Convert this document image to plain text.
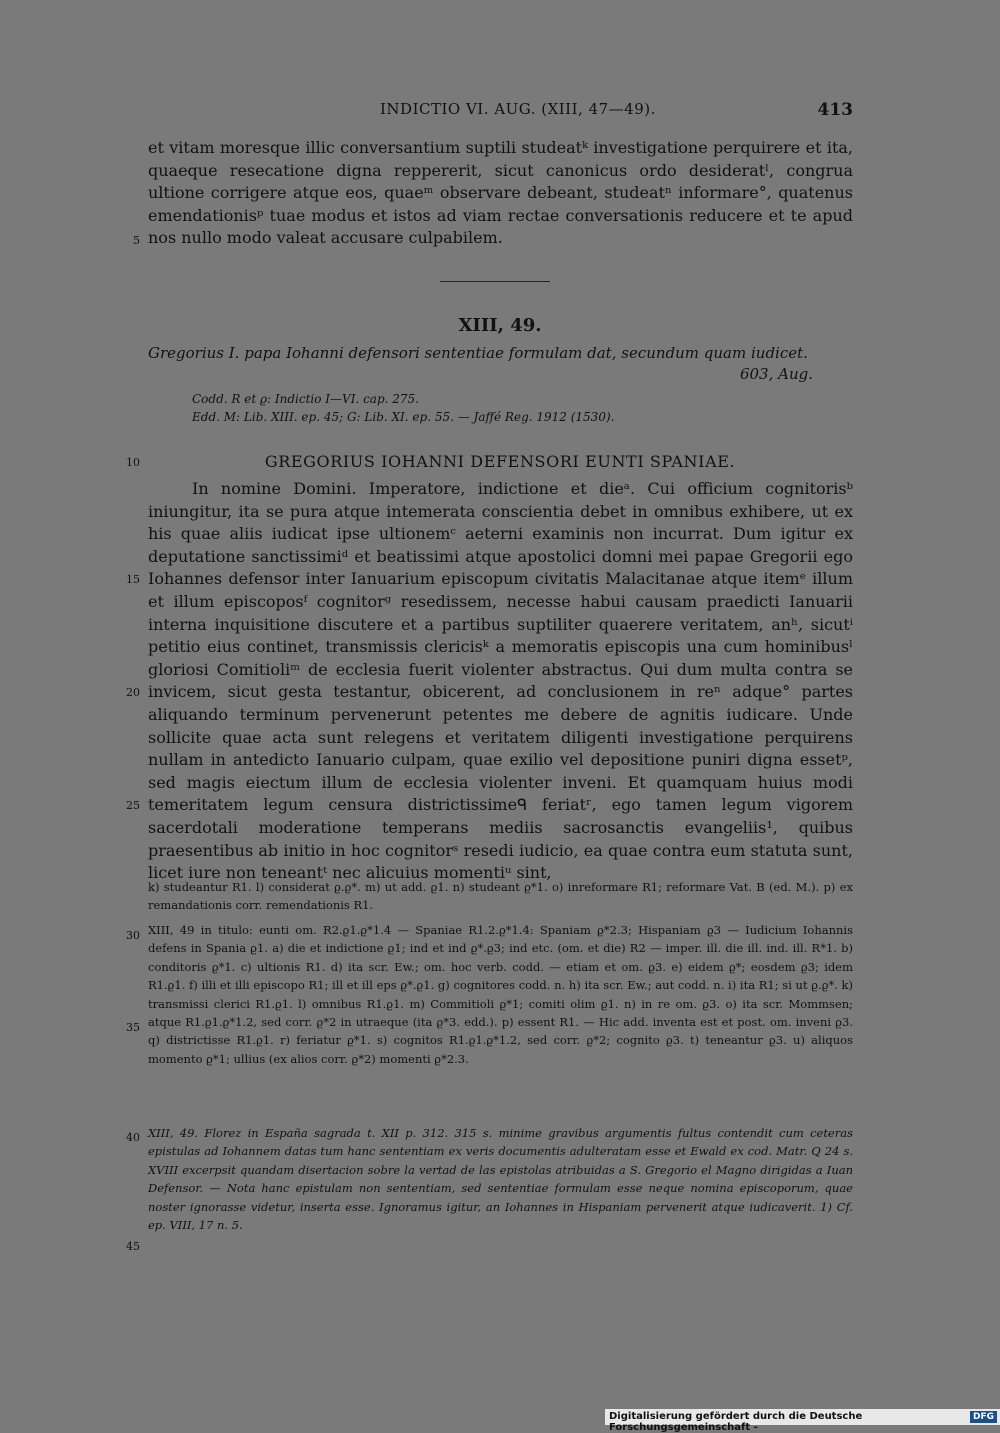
INDICTIO VI. AUG. (XIII, 47—49).	413
et vitam moresque illic conversantium suptili studeatᵏ investigatione perquirere et ita, quaeque resecatione digna reppererit, sicut canonicus ordo desideratˡ, congrua ultione corrigere atque eos, quaeᵐ observare debeant, studeatⁿ informare°, quatenus emendationisᵖ tuae modus et istos ad viam rectae conversationis reducere et te apud nos nullo modo valeat accusare culpabilem.
5
10
15
20
25
30
35
40
45
XIII, 49.
Gregorius I. papa Iohanni defensori sententiae formulam dat, secundum quam iudicet.
603, Aug.
Codd. R et ϱ: Indictio I—VI. cap. 275.
Edd. M: Lib. XIII. ep. 45; G: Lib. XI. ep. 55. — Jaffé Reg. 1912 (1530).
GREGORIUS IOHANNI DEFENSORI EUNTI SPANIAE.

In nomine Domini. Imperatore, indictione et dieᵃ. Cui officium cognitorisᵇ iniungitur, ita se pura atque intemerata conscientia debet in omnibus exhibere, ut ex his quae aliis iudicat ipse ultionemᶜ aeterni examinis non incurrat. Dum igitur ex deputatione sanctissimiᵈ et beatissimi atque apostolici domni mei papae Gregorii ego Iohannes defensor inter Ianuarium episcopum civitatis Malacitanae atque itemᵉ illum et illum episcoposᶠ cognitorᵍ resedissem, necesse habui causam praedicti Ianuarii interna inquisitione discutere et a partibus suptiliter quaerere veritatem, anʰ, sicutⁱ petitio eius continet, transmissis clericisᵏ a memoratis episcopis una cum hominibusˡ gloriosi Comitioliᵐ de ecclesia fuerit violenter abstractus. Qui dum multa contra se invicem, sicut gesta testantur, obicerent, ad conclusionem in reⁿ adque° partes aliquando terminum pervenerunt petentes me debere de agnitis iudicare. Unde sollicite quae acta sunt relegens et veritatem diligenti investigatione perquirens nullam in antedicto Ianuario culpam, quae exilio vel depositione puniri digna essetᵖ, sed magis eiectum illum de ecclesia violenter inveni. Et quamquam huius modi temeritatem legum censura districtissimeᑫ feriatʳ, ego tamen legum vigorem sacerdotali moderatione temperans mediis sacrosanctis evangeliis¹, quibus praesentibus ab initio in hoc cognitorˢ resedi iudicio, ea quae contra eum statuta sunt, licet iure non teneantᵗ nec alicuius momentiᵘ sint,

k) studeantur R1. l) considerat ϱ.ϱ*. m) ut add. ϱ1. n) studeant ϱ*1. o) inreformare R1; reformare Vat. B (ed. M.). p) ex remandationis corr. remendationis R1.

XIII, 49 in titulo: eunti om. R2.ϱ1.ϱ*1.4 — Spaniae R1.2.ϱ*1.4: Spaniam ϱ*2.3; Hispaniam ϱ3 — Iudicium Iohannis defens in Spania ϱ1. a) die et indictione ϱ1; ind et ind ϱ*.ϱ3; ind etc. (om. et die) R2 — imper. ill. die ill. ind. ill. R*1. b) conditoris ϱ*1. c) ultionis R1. d) ita scr. Ew.; om. hoc verb. codd. — etiam et om. ϱ3. e) eidem ϱ*; eosdem ϱ3; idem R1.ϱ1. f) illi et illi episcopo R1; ill et ill eps ϱ*.ϱ1. g) cognitores codd. n. h) ita scr. Ew.; aut codd. n. i) ita R1; si ut ϱ.ϱ*. k) transmissi clerici R1.ϱ1. l) omnibus R1.ϱ1. m) Commitioli ϱ*1; comiti olim ϱ1. n) in re om. ϱ3. o) ita scr. Mommsen; atque R1.ϱ1.ϱ*1.2, sed corr. ϱ*2 in utraeque (ita ϱ*3. edd.). p) essent R1. — Hic add. inventa est et post. om. inveni ϱ3. q) districtisse R1.ϱ1. r) feriatur ϱ*1. s) cognitos R1.ϱ1.ϱ*1.2, sed corr. ϱ*2; cognito ϱ3. t) teneantur ϱ3. u) aliquos momento ϱ*1; ullius (ex alios corr. ϱ*2) momenti ϱ*2.3.

XIII, 49. Florez in España sagrada t. XII p. 312. 315 s. minime gravibus argumentis fultus contendit cum ceteras epistulas ad Iohannem datas tum hanc sententiam ex veris documentis adulteratam esse et Ewald ex cod. Matr. Q 24 s. XVIII excerpsit quandam disertacion sobre la vertad de las epistolas atribuidas a S. Gregorio el Magno dirigidas a Iuan Defensor. — Nota hanc epistulam non sententiam, sed sententiae formulam esse neque nomina episcoporum, quae noster ignorasse videtur, inserta esse. Ignoramus igitur, an Iohannes in Hispaniam pervenerit atque iudicaverit. 1) Cf. ep. VIII, 17 n. 5.

Digitalisierung gefördert durch die Deutsche Forschungsgemeinschaft -
DFG
